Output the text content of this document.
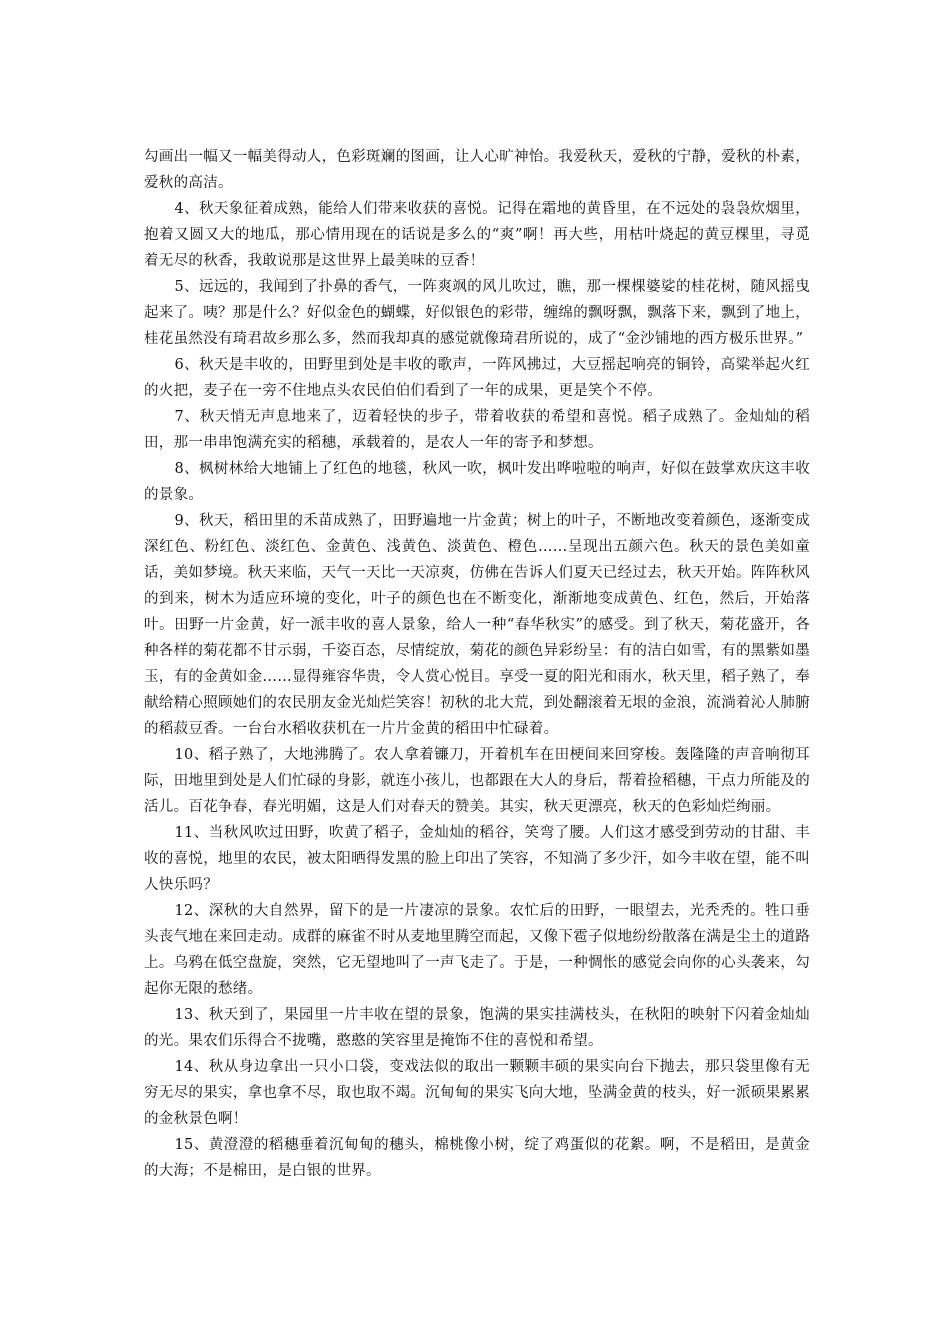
勾画出一幅又一幅美得动人，色彩斑斓的图画，让人心旷神怡。我爱秋天，爱秋的宁静，爱秋的朴素，爱秋的高洁。

4、秋天象征着成熟，能给人们带来收获的喜悦。记得在霜地的黄昏里，在不远处的袅袅炊烟里，抱着又圆又大的地瓜，那心情用现在的话说是多么的“爽”啊！再大些，用枯叶烧起的黄豆棵里，寻觅着无尽的秋香，我敢说那是这世界上最美味的豆香！

5、远远的，我闻到了扑鼻的香气，一阵爽飒的风儿吹过，瞧，那一棵棵婆娑的桂花树，随风摇曳起来了。咦？那是什么？好似金色的蝴蝶，好似银色的彩带，缠绵的飘呀飘，飘落下来，飘到了地上，桂花虽然没有琦君故乡那么多，然而我却真的感觉就像琦君所说的，成了“金沙铺地的西方极乐世界。”

6、秋天是丰收的，田野里到处是丰收的歌声，一阵风拂过，大豆摇起响亮的铜铃，高粱举起火红的火把，麦子在一旁不住地点头农民伯伯们看到了一年的成果，更是笑个不停。

7、秋天悄无声息地来了，迈着轻快的步子，带着收获的希望和喜悦。稻子成熟了。金灿灿的稻田，那一串串饱满充实的稻穗，承载着的，是农人一年的寄予和梦想。

8、枫树林给大地铺上了红色的地毯，秋风一吹，枫叶发出哗啦啦的响声，好似在鼓掌欢庆这丰收的景象。

9、秋天，稻田里的禾苗成熟了，田野遍地一片金黄；树上的叶子，不断地改变着颜色，逐渐变成深红色、粉红色、淡红色、金黄色、浅黄色、淡黄色、橙色……呈现出五颜六色。秋天的景色美如童话，美如梦境。秋天来临，天气一天比一天凉爽，仿佛在告诉人们夏天已经过去，秋天开始。阵阵秋风的到来，树木为适应环境的变化，叶子的颜色也在不断变化，渐渐地变成黄色、红色，然后，开始落叶。田野一片金黄，好一派丰收的喜人景象，给人一种“春华秋实”的感受。到了秋天，菊花盛开，各种各样的菊花都不甘示弱，千姿百态，尽情绽放，菊花的颜色异彩纷呈：有的洁白如雪，有的黑紫如墨玉，有的金黄如金……显得雍容华贵，令人赏心悦目。享受一夏的阳光和雨水，秋天里，稻子熟了，奉献给精心照顾她们的农民朋友金光灿烂笑容！初秋的北大荒，到处翻滚着无垠的金浪，流淌着沁人肺腑的稻菽豆香。一台台水稻收获机在一片片金黄的稻田中忙碌着。

10、稻子熟了，大地沸腾了。农人拿着镰刀，开着机车在田梗间来回穿梭。轰隆隆的声音响彻耳际，田地里到处是人们忙碌的身影，就连小孩儿，也都跟在大人的身后，帮着捡稻穗，干点力所能及的活儿。百花争春，春光明媚，这是人们对春天的赞美。其实，秋天更漂亮，秋天的色彩灿烂绚丽。

11、当秋风吹过田野，吹黄了稻子，金灿灿的稻谷，笑弯了腰。人们这才感受到劳动的甘甜、丰收的喜悦，地里的农民，被太阳晒得发黑的脸上印出了笑容，不知淌了多少汗，如今丰收在望，能不叫人快乐吗？

12、深秋的大自然界，留下的是一片凄凉的景象。农忙后的田野，一眼望去，光秃秃的。牲口垂头丧气地在来回走动。成群的麻雀不时从麦地里腾空而起，又像下雹子似地纷纷散落在满是尘土的道路上。乌鸦在低空盘旋，突然，它无望地叫了一声飞走了。于是，一种惆怅的感觉会向你的心头袭来，勾起你无限的愁绪。

13、秋天到了，果园里一片丰收在望的景象，饱满的果实挂满枝头，在秋阳的映射下闪着金灿灿的光。果农们乐得合不拢嘴，憨憨的笑容里是掩饰不住的喜悦和希望。

14、秋从身边拿出一只小口袋，变戏法似的取出一颗颗丰硕的果实向台下抛去，那只袋里像有无穷无尽的果实，拿也拿不尽，取也取不竭。沉甸甸的果实飞向大地，坠满金黄的枝头，好一派硕果累累的金秋景色啊！

15、黄澄澄的稻穗垂着沉甸甸的穗头，棉桃像小树，绽了鸡蛋似的花絮。啊，不是稻田，是黄金的大海；不是棉田，是白银的世界。
